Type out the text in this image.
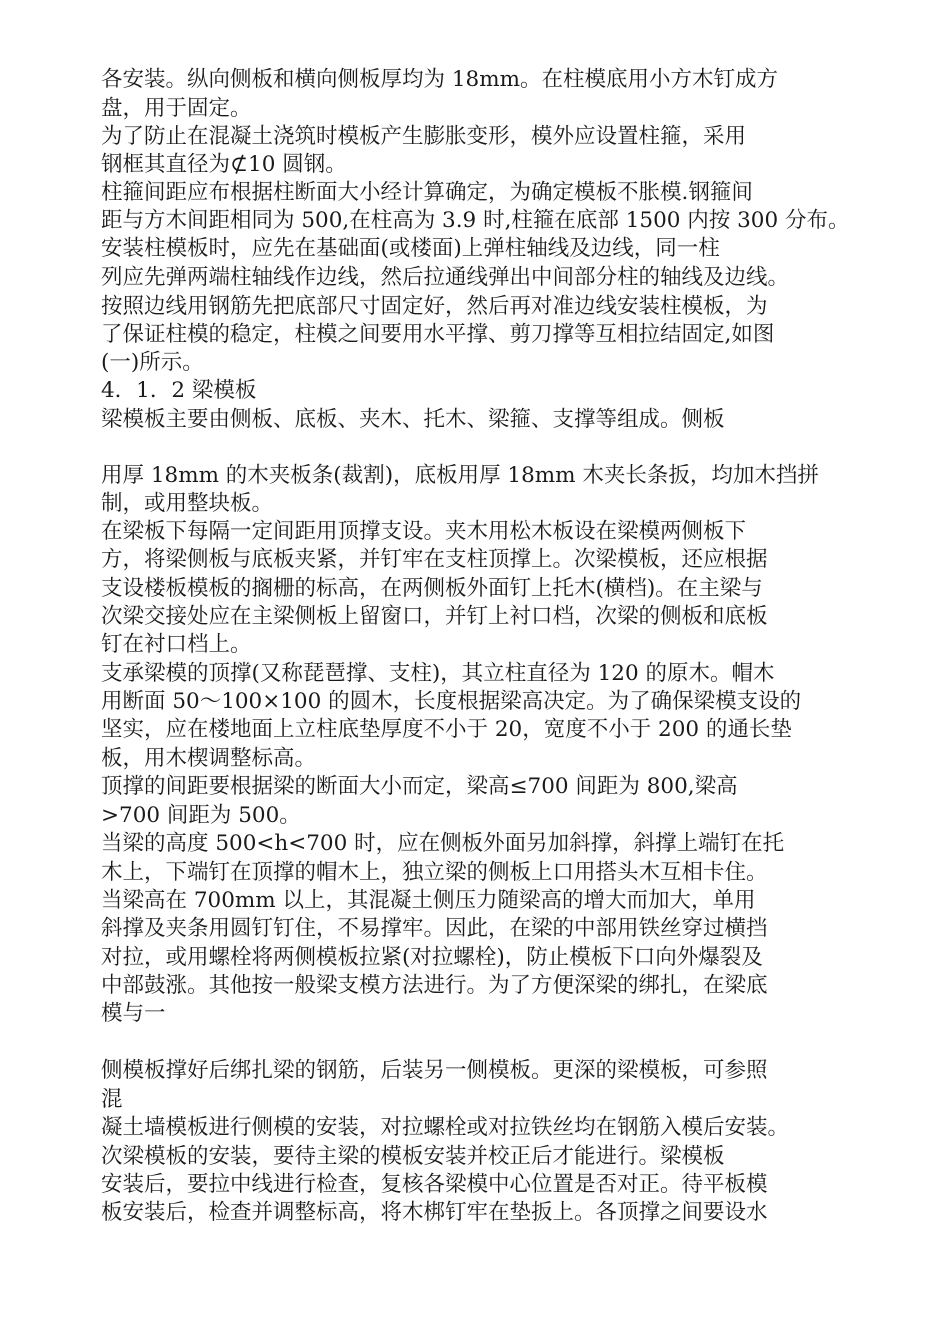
各安装。纵向侧板和横向侧板厚均为 18mm。在柱模底用小方木钉成方

盘，用于固定。

为了防止在混凝土浇筑时模板产生膨胀变形，模外应设置柱箍，采用

钢框其直径为⊄10 圆钢。

柱箍间距应布根据柱断面大小经计算确定，为确定模板不胀模.钢箍间

距与方木间距相同为 500,在柱高为 3.9 时,柱箍在底部 1500 内按 300 分布。

安装柱模板时，应先在基础面(或楼面)上弹柱轴线及边线，同一柱

列应先弹两端柱轴线作边线，然后拉通线弹出中间部分柱的轴线及边线。

按照边线用钢筋先把底部尺寸固定好，然后再对准边线安装柱模板，为

了保证柱模的稳定，柱模之间要用水平撑、剪刀撑等互相拉结固定,如图

(一)所示。

4．1．2 梁模板

梁模板主要由侧板、底板、夹木、托木、梁箍、支撑等组成。侧板

用厚 18mm 的木夹板条(裁割)，底板用厚 18mm 木夹长条扳，均加木挡拼

制，或用整块板。

在梁板下每隔一定间距用顶撑支设。夹木用松木板设在梁模两侧板下

方，将梁侧板与底板夹紧，并钉牢在支柱顶撑上。次梁模板，还应根据

支设楼板模板的搁栅的标高，在两侧板外面钉上托木(横档)。在主梁与

次梁交接处应在主梁侧板上留窗口，并钉上衬口档，次梁的侧板和底板

钉在衬口档上。

支承梁模的顶撑(又称琵琶撑、支柱)，其立柱直径为 120 的原木。帽木

用断面 50～100×100 的圆木，长度根据梁高决定。为了确保梁模支设的

坚实，应在楼地面上立柱底垫厚度不小于 20，宽度不小于 200 的通长垫

板，用木楔调整标高。

顶撑的间距要根据梁的断面大小而定，梁高≤700 间距为 800,梁高

>700 间距为 500。

当梁的高度 500<h<700 时，应在侧板外面另加斜撑，斜撑上端钉在托

木上，下端钉在顶撑的帽木上，独立梁的侧板上口用搭头木互相卡住。

当梁高在 700mm 以上，其混凝土侧压力随梁高的增大而加大，单用

斜撑及夹条用圆钉钉住，不易撑牢。因此，在梁的中部用铁丝穿过横挡

对拉，或用螺栓将两侧模板拉紧(对拉螺栓)，防止模板下口向外爆裂及

中部鼓涨。其他按一般梁支模方法进行。为了方便深梁的绑扎，在梁底

模与一

侧模板撑好后绑扎梁的钢筋，后装另一侧模板。更深的梁模板，可参照

混

凝土墙模板进行侧模的安装，对拉螺栓或对拉铁丝均在钢筋入模后安装。

次梁模板的安装，要待主梁的模板安装并校正后才能进行。梁模板

安装后，要拉中线进行检查，复核各梁模中心位置是否对正。待平板模

板安装后，检查并调整标高，将木梆钉牢在垫扳上。各顶撑之间要设水
